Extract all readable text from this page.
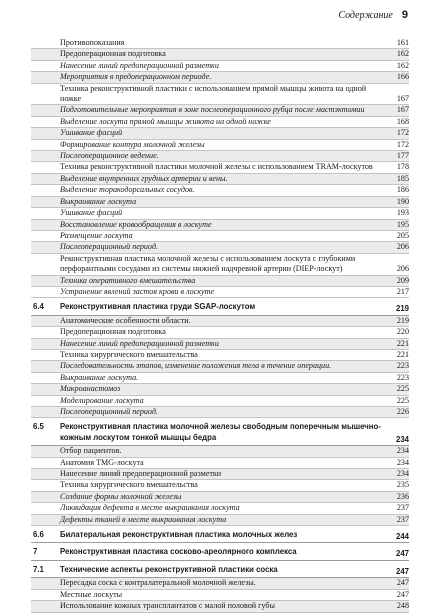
Содержание 9
Противопоказания	161
Предоперационная подготовка	162
Нанесение линий предоперационной разметки	162
Мероприятия в предоперационном периоде.	166
Техника реконструктивной пластики с использованием прямой мышцы живота на одной ножке	167
Подготовительные мероприятия в зоне послеоперационного рубца после мастэктомии	167
Выделение лоскута прямой мышцы живота на одной ножке	168
Ушивание фасций	172
Формирование контура молочной железы	172
Послеоперационное ведение.	177
Техника реконструктивной пластики молочной железы с использованием TRAM-лоскутов	178
Выделение внутренних грудных артерии и вены.	185
Выделение торакодорсальных сосудов.	186
Выкраивание лоскута	190
Ушивание фасций	193
Восстановление кровообращения в лоскуте	195
Размещение лоскута	205
Послеоперационный период.	206
Реконструктивная пластика молочной железы с использованием лоскута с глубокими перфорантными сосудами из системы нижней надчревной артерии (DIEP-лоскут)	206
Техника оперативного вмешательства	209
Устранение явлений застоя крови в лоскуте	217
6.4	Реконструктивная пластика груди SGAP-лоскутом	219
Анатомические особенности области.	219
Предоперационная подготовка	220
Нанесение линий предоперационной разметки	221
Техника хирургического вмешательства	221
Последовательность этапов, изменение положения тела в течение операции.	223
Выкраивание лоскута.	223
Микроанастомоз	225
Моделирование лоскута	225
Послеоперационный период.	226
6.5	Реконструктивная пластика молочной железы свободным поперечным мышечно-кожным лоскутом тонкой мышцы бедра	234
Отбор пациентов.	234
Анатомия TMG-лоскута	234
Нанесение линий предоперационной разметки	234
Техника хирургического вмешательства	235
Создание формы молочной железы	236
Ликвидация дефекта в месте выкраивания лоскута	237
Дефекты тканей в месте выкраивания лоскута	237
6.6	Билатеральная реконструктивная пластика молочных желез	244
7	Реконструктивная пластика сосково-ареолярного комплекса	247
7.1	Технические аспекты реконструктивной пластики соска	247
Пересадка соска с контралатеральной молочной железы.	247
Местные лоскуты	247
Использование кожных трансплантатов с малой половой губы	248
